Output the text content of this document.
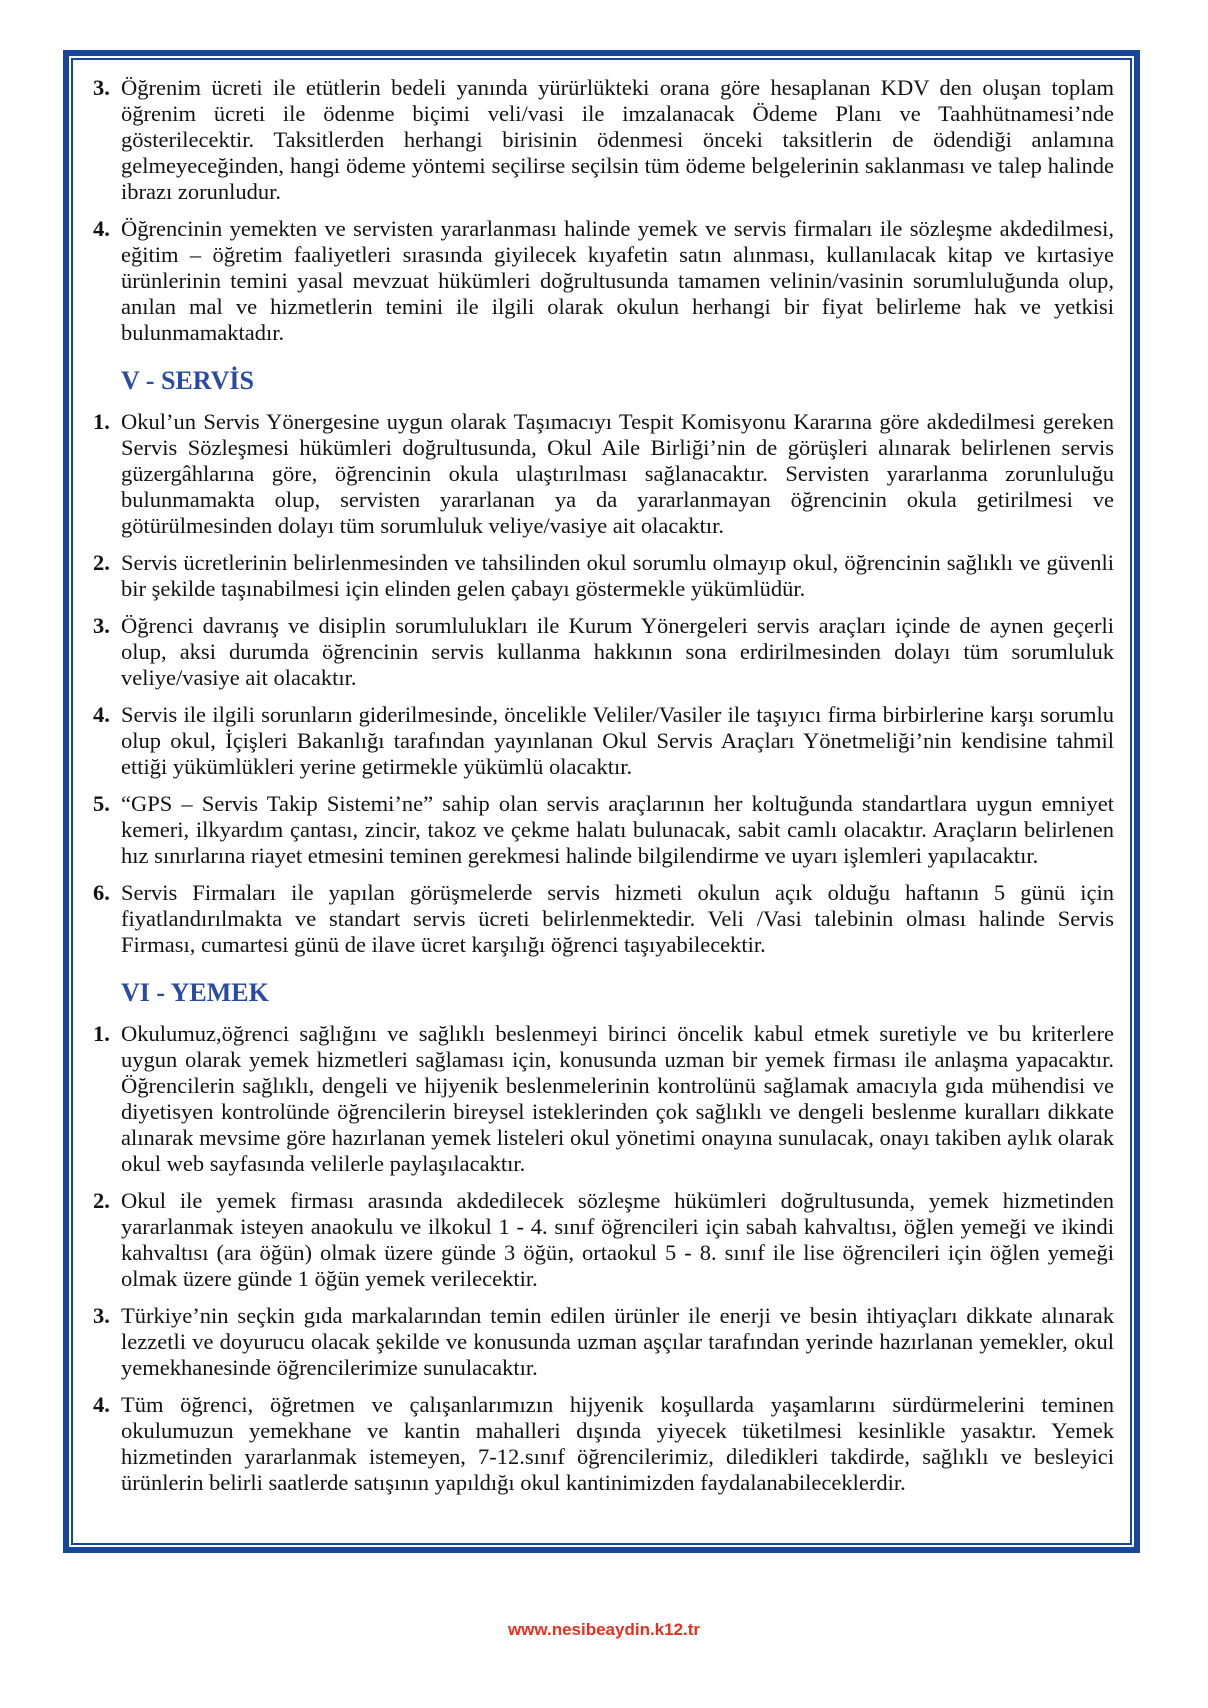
3. Öğrenim ücreti ile etütlerin bedeli yanında yürürlükteki orana göre hesaplanan KDV den oluşan toplam öğrenim ücreti ile ödenme biçimi veli/vasi ile imzalanacak Ödeme Planı ve Taahhütnamesi’nde gösterilecektir. Taksitlerden herhangi birisinin ödenmesi önceki taksitlerin de ödendiği anlamına gelmeyeceğinden, hangi ödeme yöntemi seçilirse seçilsin tüm ödeme belgelerinin saklanması ve talep halinde ibrazı zorunludur.

4. Öğrencinin yemekten ve servisten yararlanması halinde yemek ve servis firmaları ile sözleşme akdedilmesi, eğitim – öğretim faaliyetleri sırasında giyilecek kıyafetin satın alınması, kullanılacak kitap ve kırtasiye ürünlerinin temini yasal mevzuat hükümleri doğrultusunda tamamen velinin/vasinin sorumluluğunda olup, anılan mal ve hizmetlerin temini ile ilgili olarak okulun herhangi bir fiyat belirleme hak ve yetkisi bulunmamaktadır.

V - SERVİS
1. Okul’un Servis Yönergesine uygun olarak Taşımacıyı Tespit Komisyonu Kararına göre akdedilmesi gereken Servis Sözleşmesi hükümleri doğrultusunda, Okul Aile Birliği’nin de görüşleri alınarak belirlenen servis güzergâhlarına göre, öğrencinin okula ulaştırılması sağlanacaktır. Servisten yararlanma zorunluluğu bulunmamakta olup, servisten yararlanan ya da yararlanmayan öğrencinin okula getirilmesi ve götürülmesinden dolayı tüm sorumluluk veliye/vasiye ait olacaktır.

2. Servis ücretlerinin belirlenmesinden ve tahsilinden okul sorumlu olmayıp okul, öğrencinin sağlıklı ve güvenli bir şekilde taşınabilmesi için elinden gelen çabayı göstermekle yükümlüdür.

3. Öğrenci davranış ve disiplin sorumlulukları ile Kurum Yönergeleri servis araçları içinde de aynen geçerli olup, aksi durumda öğrencinin servis kullanma hakkının sona erdirilmesinden dolayı tüm sorumluluk veliye/vasiye ait olacaktır.

4. Servis ile ilgili sorunların giderilmesinde, öncelikle Veliler/Vasiler ile taşıyıcı firma birbirlerine karşı sorumlu olup okul, İçişleri Bakanlığı tarafından yayınlanan Okul Servis Araçları Yönetmeliği’nin kendisine tahmil ettiği yükümlükleri yerine getirmekle yükümlü olacaktır.

5. “GPS – Servis Takip Sistemi’ne” sahip olan servis araçlarının her koltuğunda standartlara uygun emniyet kemeri, ilkyardım çantası, zincir, takoz ve çekme halatı bulunacak, sabit camlı olacaktır. Araçların belirlenen hız sınırlarına riayet etmesini teminen gerekmesi halinde bilgilendirme ve uyarı işlemleri yapılacaktır.

6. Servis Firmaları ile yapılan görüşmelerde servis hizmeti okulun açık olduğu haftanın 5 günü için fiyatlandırılmakta ve standart servis ücreti belirlenmektedir. Veli /Vasi talebinin olması halinde Servis Firması, cumartesi günü de ilave ücret karşılığı öğrenci taşıyabilecektir.

VI - YEMEK
1. Okulumuz,öğrenci sağlığını ve sağlıklı beslenmeyi birinci öncelik kabul etmek suretiyle ve bu kriterlere uygun olarak yemek hizmetleri sağlaması için, konusunda uzman bir yemek firması ile anlaşma yapacaktır. Öğrencilerin sağlıklı, dengeli ve hijyenik beslenmelerinin kontrolünü sağlamak amacıyla gıda mühendisi ve diyetisyen kontrolünde öğrencilerin bireysel isteklerinden çok sağlıklı ve dengeli beslenme kuralları dikkate alınarak mevsime göre hazırlanan yemek listeleri okul yönetimi onayına sunulacak, onayı takiben aylık olarak okul web sayfasında velilerle paylaşılacaktır.

2. Okul ile yemek firması arasında akdedilecek sözleşme hükümleri doğrultusunda, yemek hizmetinden yararlanmak isteyen anaokulu ve ilkokul 1 - 4. sınıf öğrencileri için sabah kahvaltısı, öğlen yemeği ve ikindi kahvaltısı (ara öğün) olmak üzere günde 3 öğün, ortaokul 5 - 8. sınıf ile lise öğrencileri için öğlen yemeği olmak üzere günde 1 öğün yemek verilecektir.

3. Türkiye’nin seçkin gıda markalarından temin edilen ürünler ile enerji ve besin ihtiyaçları dikkate alınarak lezzetli ve doyurucu olacak şekilde ve konusunda uzman aşçılar tarafından yerinde hazırlanan yemekler, okul yemekhanesinde öğrencilerimize sunulacaktır.

4. Tüm öğrenci, öğretmen ve çalışanlarımızın hijyenik koşullarda yaşamlarını sürdürmelerini teminen okulumuzun yemekhane ve kantin mahalleri dışında yiyecek tüketilmesi kesinlikle yasaktır. Yemek hizmetinden yararlanmak istemeyen, 7-12.sınıf öğrencilerimiz, diledikleri takdirde, sağlıklı ve besleyici ürünlerin belirli saatlerde satışının yapıldığı okul kantinimizden faydalanabileceklerdir.

www.nesibeaydin.k12.tr
